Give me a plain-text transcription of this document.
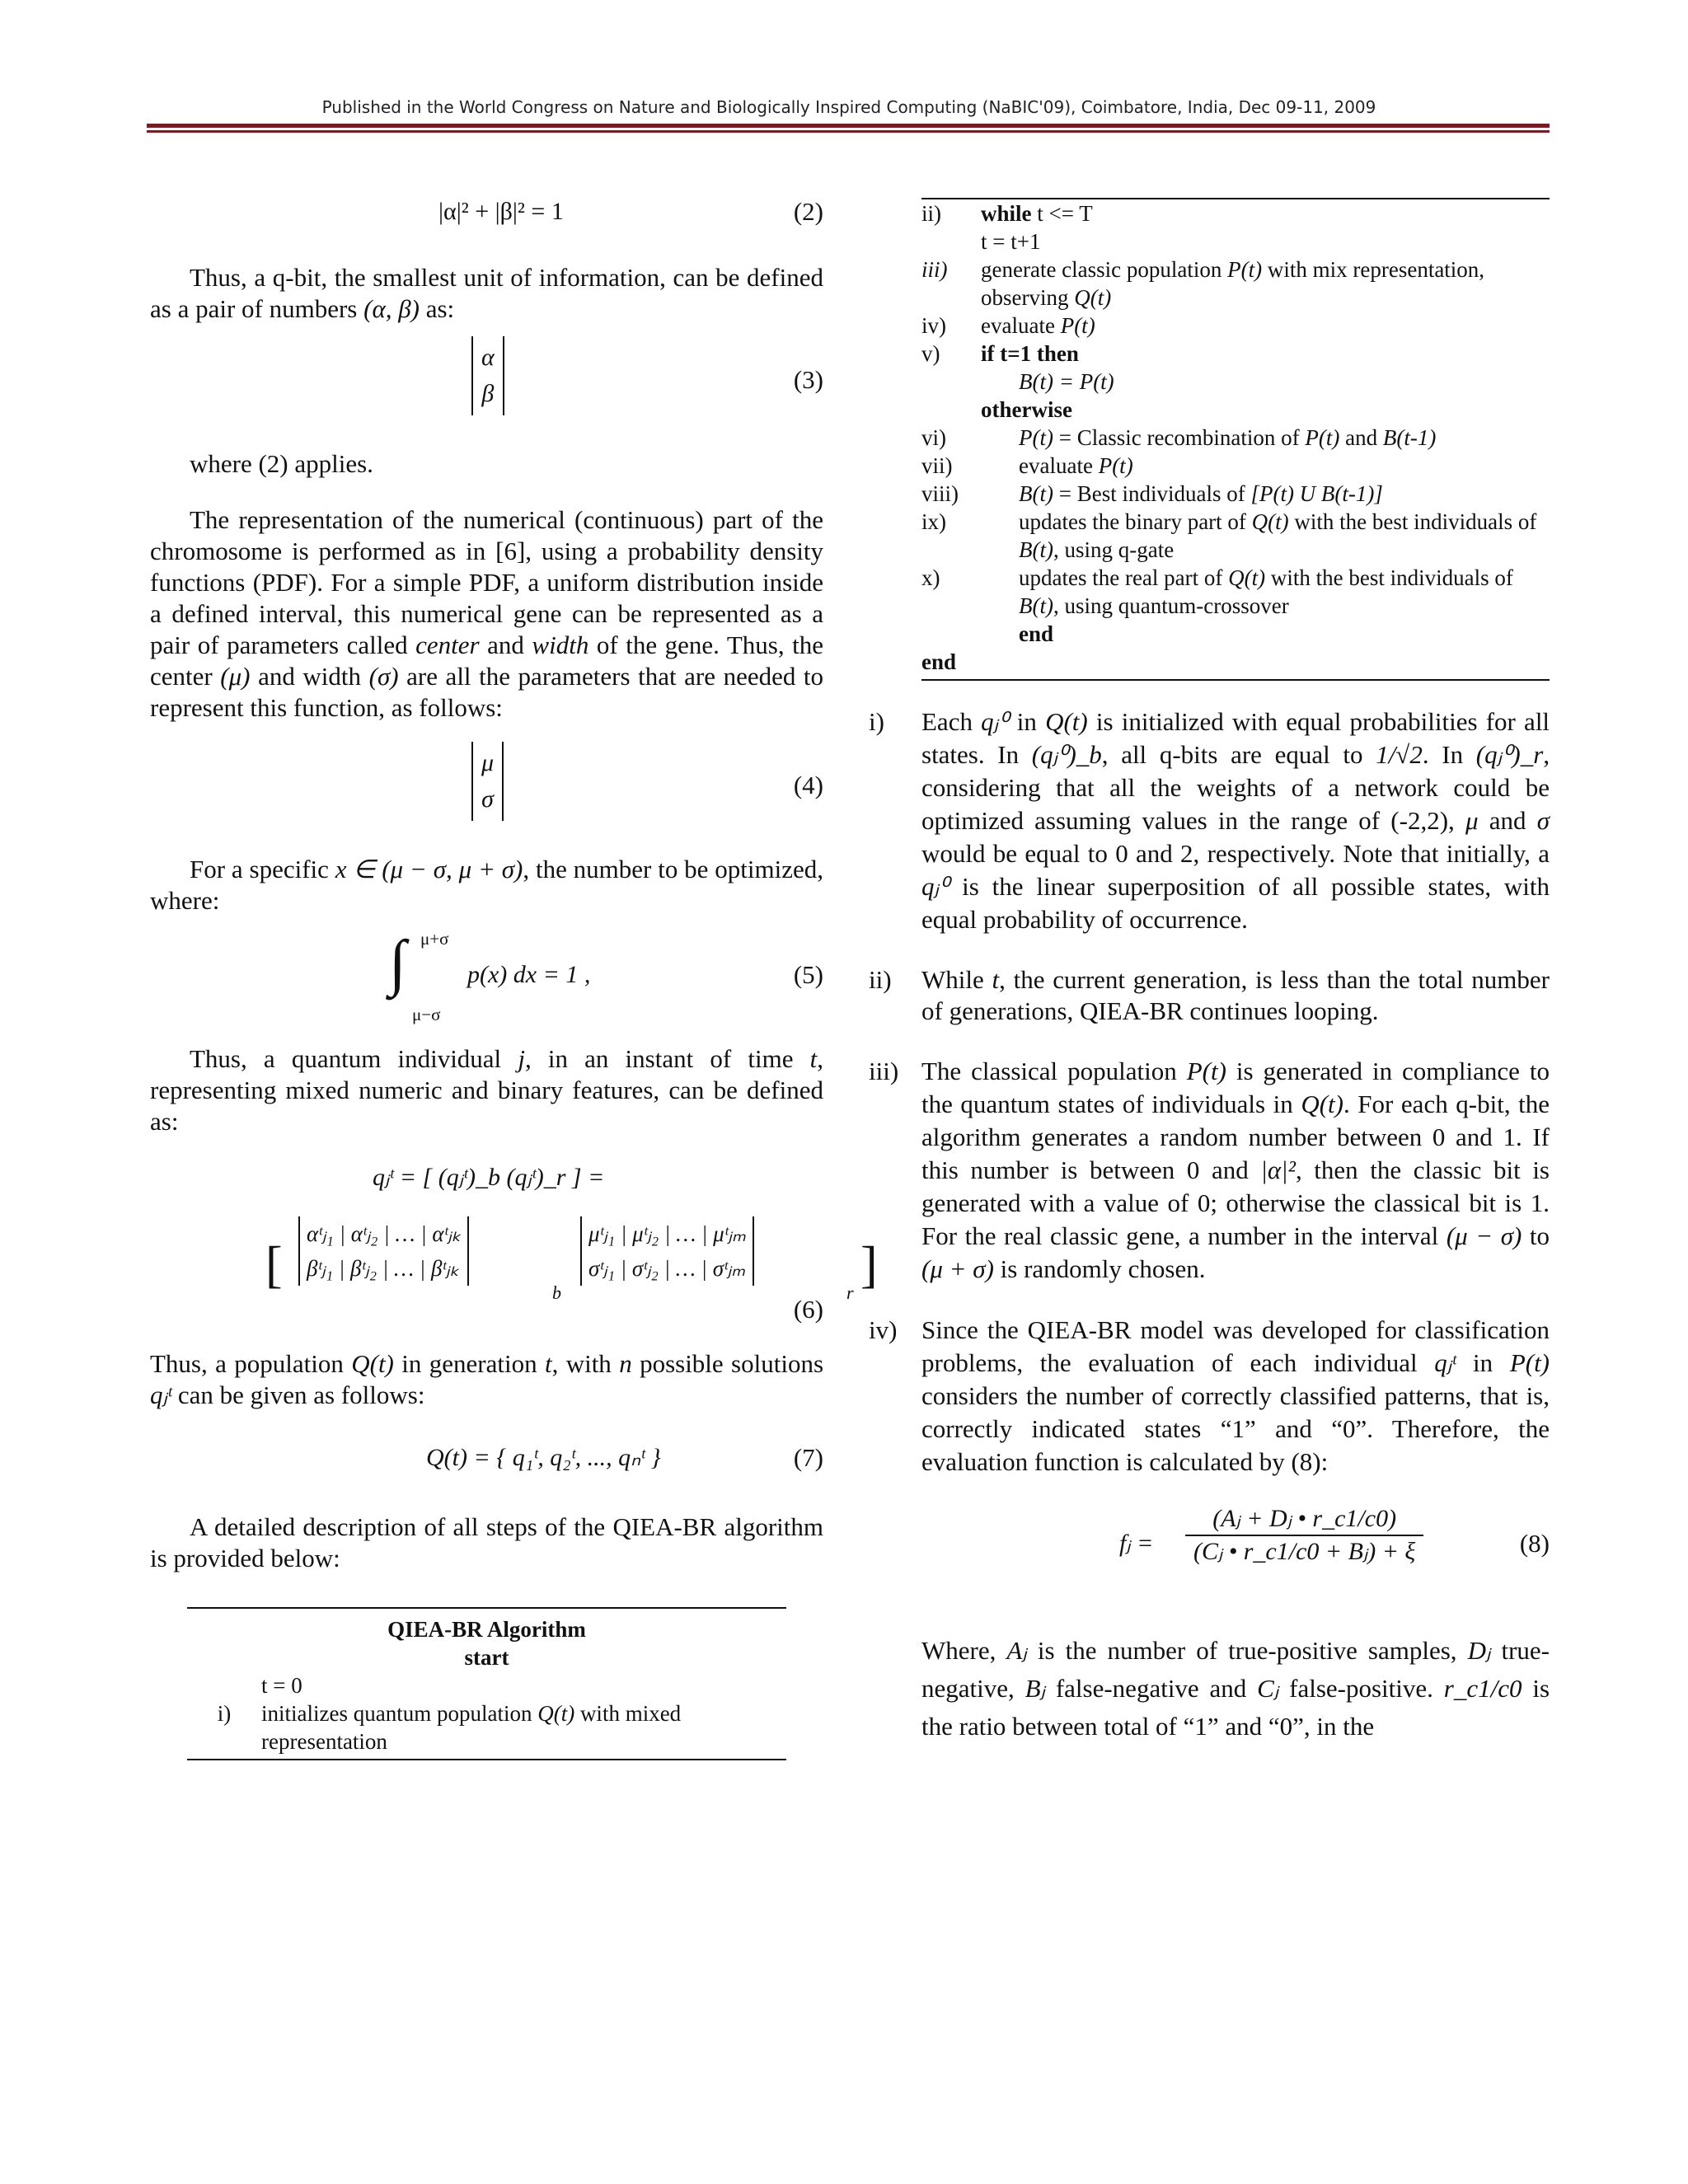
Published in the World Congress on Nature and Biologically Inspired Computing (NaBIC'09), Coimbatore, India, Dec 09-11, 2009
|α|² + |β|² = 1	(2)

Thus, a q-bit, the smallest unit of information, can be defined as a pair of numbers (α, β) as:

α
β	(3)

where (2) applies.

The representation of the numerical (continuous) part of the chromosome is performed as in [6], using a probability density functions (PDF). For a simple PDF, a uniform distribution inside a defined interval, this numerical gene can be represented as a pair of parameters called center and width of the gene. Thus, the center (μ) and width (σ) are all the parameters that are needed to represent this function, as follows:

μ
σ	(4)

For a specific x ∈ (μ − σ, μ + σ), the number to be optimized, where:

∫ μ+σ
μ−σ
p(x) dx = 1 ,	(5)

Thus, a quantum individual j, in an instant of time t, representing mixed numeric and binary features, can be defined as:

qⱼᵗ = [ (qⱼᵗ)_b (qⱼᵗ)_r ] =
[
αᵗⱼ₁ | αᵗⱼ₂ | … | αᵗⱼₖ
βᵗⱼ₁ | βᵗⱼ₂ | … | βᵗⱼₖ
b
μᵗⱼ₁ | μᵗⱼ₂ | … | μᵗⱼₘ
σᵗⱼ₁ | σᵗⱼ₂ | … | σᵗⱼₘ
r ]
(6)

Thus, a population Q(t) in generation t, with n possible solutions qⱼᵗ can be given as follows:

Q(t) = { q₁ᵗ, q₂ᵗ, ..., qₙᵗ }	(7)

A detailed description of all steps of the QIEA-BR algorithm is provided below:

QIEA-BR Algorithm
start
t = 0
i)	initializes quantum population Q(t) with mixed representation
ii)	while t <= T
t = t+1
iii)	generate classic population P(t) with mix representation, observing Q(t)
iv)	evaluate P(t)
v)	if t=1 then
B(t) = P(t)
otherwise
vi)	P(t) = Classic recombination of P(t) and B(t-1)
vii)	evaluate P(t)
viii)	B(t) = Best individuals of [P(t) U B(t-1)]
ix)	updates the binary part of Q(t) with the best individuals of B(t), using q-gate
x)	updates the real part of Q(t) with the best individuals of B(t), using quantum-crossover
end
end
i)	Each qⱼ⁰ in Q(t) is initialized with equal probabilities for all states. In (qⱼ⁰)_b, all q-bits are equal to 1/√2. In (qⱼ⁰)_r, considering that all the weights of a network could be optimized assuming values in the range of (-2,2), μ and σ would be equal to 0 and 2, respectively. Note that initially, a qⱼ⁰ is the linear superposition of all possible states, with equal probability of occurrence.
ii)	While t, the current generation, is less than the total number of generations, QIEA-BR continues looping.
iii) The classical population P(t) is generated in compliance to the quantum states of individuals in Q(t). For each q-bit, the algorithm generates a random number between 0 and 1. If this number is between 0 and |α|², then the classic bit is generated with a value of 0; otherwise the classical bit is 1. For the real classic gene, a number in the interval (μ − σ) to (μ + σ) is randomly chosen.
iv) Since the QIEA-BR model was developed for classification problems, the evaluation of each individual qⱼᵗ in P(t) considers the number of correctly classified patterns, that is, correctly indicated states “1” and “0”. Therefore, the evaluation function is calculated by (8):
fⱼ = $\frac{\text{(Aⱼ + Dⱼ • r\_c1/c0)}}{\text{(Cⱼ • r\_c1/c0 + Bⱼ) + ξ}}$	(8)

Where, Aⱼ is the number of true-positive samples, Dⱼ true-negative, Bⱼ false-negative and Cⱼ false-positive. r_c1/c0 is the ratio between total of “1” and “0”, in the
